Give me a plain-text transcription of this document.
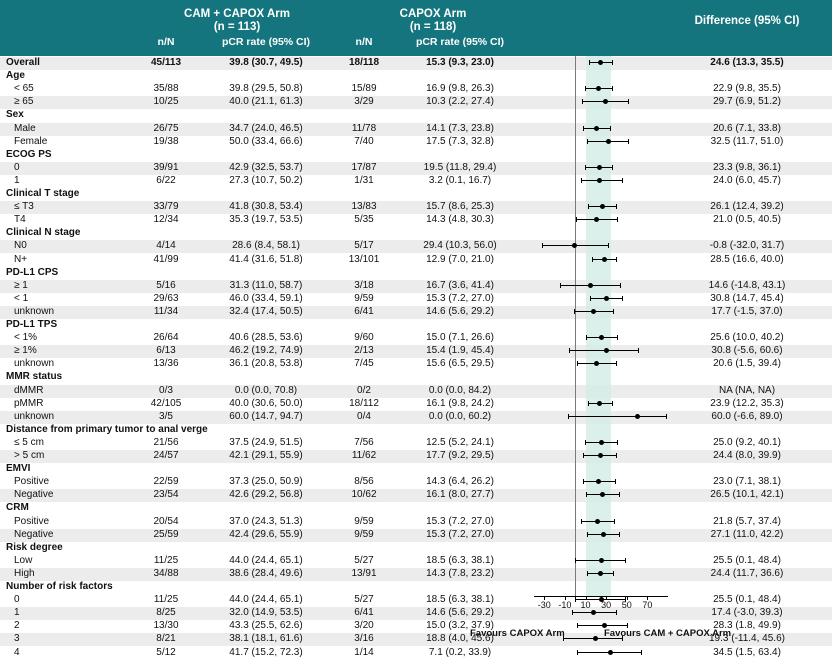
CAM + CAPOX Arm
(n = 113)
CAPOX Arm
(n = 118)	Difference (95% CI)
n/N	pCR rate (95% CI)	n/N	pCR rate (95% CI)
Overall	45/113	39.8 (30.7, 49.5)	18/118	15.3 (9.3, 23.0)	24.6 (13.3, 35.5)
Age
< 65	35/88	39.8 (29.5, 50.8)	15/89	16.9 (9.8, 26.3)	22.9 (9.8, 35.5)
≥ 65	10/25	40.0 (21.1, 61.3)	3/29	10.3 (2.2, 27.4)	29.7 (6.9, 51.2)
Sex
Male	26/75	34.7 (24.0, 46.5)	11/78	14.1 (7.3, 23.8)	20.6 (7.1, 33.8)
Female	19/38	50.0 (33.4, 66.6)	7/40	17.5 (7.3, 32.8)	32.5 (11.7, 51.0)
ECOG PS
0	39/91	42.9 (32.5, 53.7)	17/87	19.5 (11.8, 29.4)	23.3 (9.8, 36.1)
1	6/22	27.3 (10.7, 50.2)	1/31	3.2 (0.1, 16.7)	24.0 (6.0, 45.7)
Clinical T stage
≤ T3	33/79	41.8 (30.8, 53.4)	13/83	15.7 (8.6, 25.3)	26.1 (12.4, 39.2)
T4	12/34	35.3 (19.7, 53.5)	5/35	14.3 (4.8, 30.3)	21.0 (0.5, 40.5)
Clinical N stage
N0	4/14	28.6 (8.4, 58.1)	5/17	29.4 (10.3, 56.0)	-0.8 (-32.0, 31.7)
N+	41/99	41.4 (31.6, 51.8)	13/101	12.9 (7.0, 21.0)	28.5 (16.6, 40.0)
PD-L1 CPS
≥ 1	5/16	31.3 (11.0, 58.7)	3/18	16.7 (3.6, 41.4)	14.6 (-14.8, 43.1)
< 1	29/63	46.0 (33.4, 59.1)	9/59	15.3 (7.2, 27.0)	30.8 (14.7, 45.4)
unknown	11/34	32.4 (17.4, 50.5)	6/41	14.6 (5.6, 29.2)	17.7 (-1.5, 37.0)
PD-L1 TPS
< 1%	26/64	40.6 (28.5, 53.6)	9/60	15.0 (7.1, 26.6)	25.6 (10.0, 40.2)
≥ 1%	6/13	46.2 (19.2, 74.9)	2/13	15.4 (1.9, 45.4)	30.8 (-5.6, 60.6)
unknown	13/36	36.1 (20.8, 53.8)	7/45	15.6 (6.5, 29.5)	20.6 (1.5, 39.4)
MMR status
dMMR	0/3	0.0 (0.0, 70.8)	0/2	0.0 (0.0, 84.2)	NA (NA, NA)
pMMR	42/105	40.0 (30.6, 50.0)	18/112	16.1 (9.8, 24.2)	23.9 (12.2, 35.3)
unknown	3/5	60.0 (14.7, 94.7)	0/4	0.0 (0.0, 60.2)	60.0 (-6.6, 89.0)
Distance from primary tumor to anal verge
≤ 5 cm	21/56	37.5 (24.9, 51.5)	7/56	12.5 (5.2, 24.1)	25.0 (9.2, 40.1)
> 5 cm	24/57	42.1 (29.1, 55.9)	11/62	17.7 (9.2, 29.5)	24.4 (8.0, 39.9)
EMVI
Positive	22/59	37.3 (25.0, 50.9)	8/56	14.3 (6.4, 26.2)	23.0 (7.1, 38.1)
Negative	23/54	42.6 (29.2, 56.8)	10/62	16.1 (8.0, 27.7)	26.5 (10.1, 42.1)
CRM
Positive	20/54	37.0 (24.3, 51.3)	9/59	15.3 (7.2, 27.0)	21.8 (5.7, 37.4)
Negative	25/59	42.4 (29.6, 55.9)	9/59	15.3 (7.2, 27.0)	27.1 (11.0, 42.2)
Risk degree
Low	11/25	44.0 (24.4, 65.1)	5/27	18.5 (6.3, 38.1)	25.5 (0.1, 48.4)
High	34/88	38.6 (28.4, 49.6)	13/91	14.3 (7.8, 23.2)	24.4 (11.7, 36.6)
Number of risk factors
0	11/25	44.0 (24.4, 65.1)	5/27	18.5 (6.3, 38.1)	25.5 (0.1, 48.4)
1	8/25	32.0 (14.9, 53.5)	6/41	14.6 (5.6, 29.2)	17.4 (-3.0, 39.3)
2	13/30	43.3 (25.5, 62.6)	3/20	15.0 (3.2, 37.9)	28.3 (1.8, 49.9)
3	8/21	38.1 (18.1, 61.6)	3/16	18.8 (4.0, 45.6)	19.3 (-11.4, 45.6)
4	5/12	41.7 (15.2, 72.3)	1/14	7.1 (0.2, 33.9)	34.5 (1.5, 63.4)
-30 -10	10	30	50	70
Favours CAPOX Arm	Favours CAM + CAPOX Arm
